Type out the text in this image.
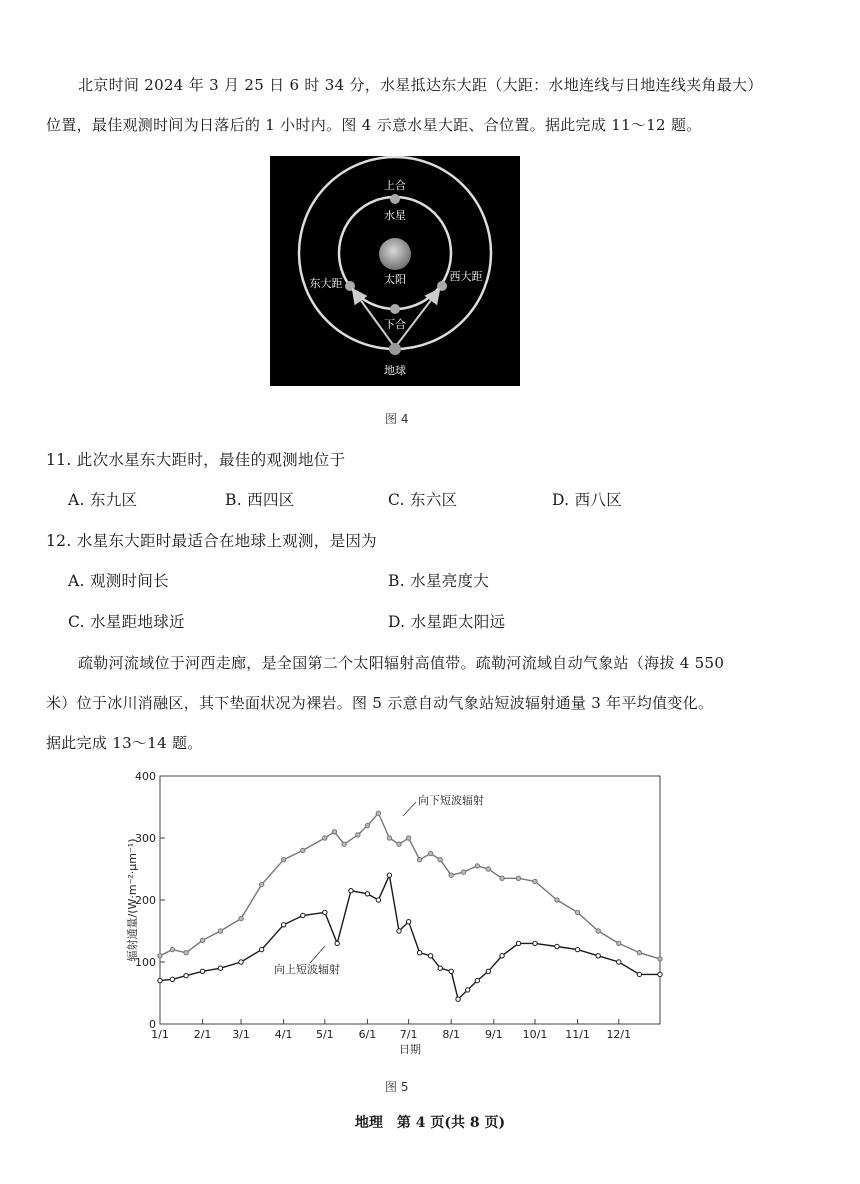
北京时间 2024 年 3 月 25 日 6 时 34 分，水星抵达东大距（大距：水地连线与日地连线夹角最大）
位置，最佳观测时间为日落后的 1 小时内。图 4 示意水星大距、合位置。据此完成 11～12 题。
上合
水星
太阳
东大距
西大距
下合
地球
图 4
11. 此次水星东大距时，最佳的观测地位于
A. 东九区	B. 西四区	C. 东六区	D. 西八区
12. 水星东大距时最适合在地球上观测，是因为
A. 观测时间长	B. 水星亮度大
C. 水星距地球近	D. 水星距太阳远
疏勒河流域位于河西走廊，是全国第二个太阳辐射高值带。疏勒河流域自动气象站（海拔 4 550
米）位于冰川消融区，其下垫面状况为裸岩。图 5 示意自动气象站短波辐射通量 3 年平均值变化。
据此完成 13～14 题。
0
100
200
300
400
1/1 2/1 3/1 4/1 5/1 6/1 7/1 8/1 9/1 10/1 11/1 12/1
日期
辐射通量/(W·m⁻²·μm⁻¹)
向下短波辐射
向上短波辐射
图 5
地理　第 4 页(共 8 页)
